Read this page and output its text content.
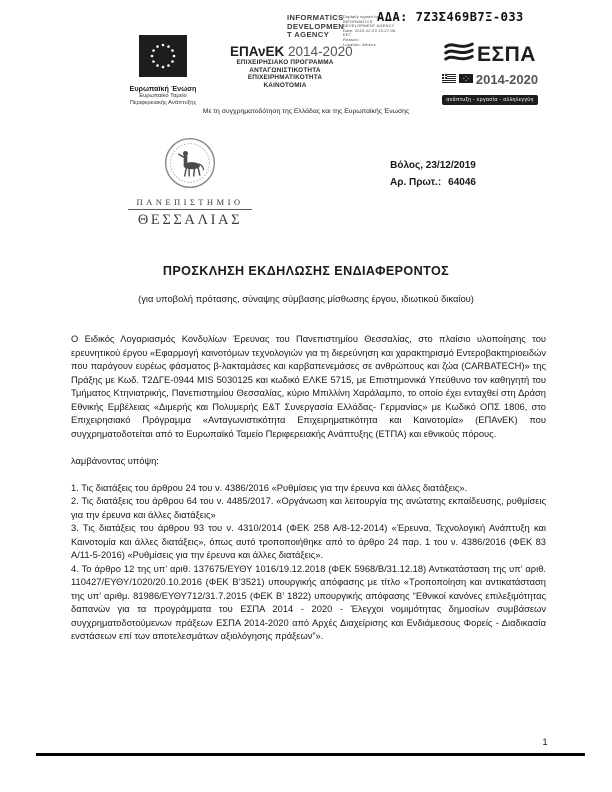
ΑΔΑ: 7Ζ3Σ469Β7Ξ-Θ33
INFORMATICS
DEVELOPMEN
T AGENCY
Digitally signed by
INFORMATICS
DEVELOPMENT AGENCY
Date: 2019.12.23 10:27:06
EET
Reason:
Location: Athens
Ευρωπαϊκή Ένωση
Ευρωπαϊκό Ταμείο
Περιφερειακής Ανάπτυξης
ΕΠΑνΕΚ 2014-2020
ΕΠΙΧΕΙΡΗΣΙΑΚΟ ΠΡΟΓΡΑΜΜΑ
ΑΝΤΑΓΩΝΙΣΤΙΚΟΤΗΤΑ
ΕΠΙΧΕΙΡΗΜΑΤΙΚΟΤΗΤΑ
ΚΑΙΝΟΤΟΜΙΑ
ΕΣΠΑ
2014-2020
ανάπτυξη - εργασία - αλληλεγγύη
Με τη συγχρηματοδότηση της Ελλάδας και της Ευρωπαϊκής Ένωσης
ΠΑΝΕΠΙΣΤΗΜΙΟ
ΘΕΣΣΑΛΙΑΣ
Βόλος, 23/12/2019
Αρ. Πρωτ.: 64046
ΠΡΟΣΚΛΗΣΗ ΕΚΔΗΛΩΣΗΣ ΕΝΔΙΑΦΕΡΟΝΤΟΣ
(για υποβολή πρότασης, σύναψης σύμβασης μίσθωσης έργου, ιδιωτικού δικαίου)

Ο Ειδικός Λογαριασμός Κονδυλίων Έρευνας του Πανεπιστημίου Θεσσαλίας, στο πλαίσιο υλοποίησης του ερευνητικού έργου «Εφαρμογή καινοτόμων τεχνολογιών για τη διερεύνηση και χαρακτηρισμό Εντεροβακτηριοειδών που παράγουν ευρέως φάσματος β-λακταμάσες και καρβαπενεμάσες σε ανθρώπους και ζώα (CARBATECH)» της Πράξης με Κωδ. Τ2ΔΓΕ-0944 MIS 5030125 και κωδικό ΕΛΚΕ 5715, με Επιστημονικά Υπεύθυνο τον καθηγητή του Τμήματος Κτηνιατρικής, Πανεπιστημίου Θεσσαλίας, κύριο Μπιλλίνη Χαράλαμπο, το οποίο έχει ενταχθεί στη Δράση Εθνικής Εμβέλειας «Διμερής και Πολυμερής Ε&Τ Συνεργασία Ελλάδας- Γερμανίας» με Κωδικό ΟΠΣ 1806, στο Επιχειρησιακό Πρόγραμμα «Ανταγωνιστικότητα Επιχειρηματικότητα και Καινοτομία» (ΕΠΑνΕΚ) που συγχρηματοδοτείται από το Ευρωπαϊκό Ταμείο Περιφερειακής Ανάπτυξης (ΕΤΠΑ) και εθνικούς πόρους.

λαμβάνοντας υπόψη:

1. Τις διατάξεις του άρθρου 24 του ν. 4386/2016 «Ρυθμίσεις για την έρευνα και άλλες διατάξεις».

2. Τις διατάξεις του άρθρου 64 του ν. 4485/2017. «Οργάνωση και λειτουργία της ανώτατης εκπαίδευσης, ρυθμίσεις για την έρευνα και άλλες διατάξεις»

3. Τις διατάξεις του άρθρου 93 του ν. 4310/2014 (ΦΕΚ 258 Α/8-12-2014) «Έρευνα, Τεχνολογική Ανάπτυξη και Καινοτομία και άλλες διατάξεις», όπως αυτό τροποποιήθηκε από το άρθρο 24 παρ. 1 του ν. 4386/2016 (ΦΕΚ 83 Α/11-5-2016) «Ρυθμίσεις για την έρευνα και άλλες διατάξεις».

4. Το άρθρο 12 της υπ’ αριθ. 137675/ΕΥΘΥ 1016/19.12.2018 (ΦΕΚ 5968/Β/31.12.18) Αντικατάσταση της υπ’ αριθ. 110427/ΕΥΘΥ/1020/20.10.2016 (ΦΕΚ Β’3521) υπουργικής απόφασης με τίτλο «Τροποποίηση και αντικατάσταση της υπ’ αριθμ. 81986/ΕΥΘΥ712/31.7.2015 (ΦΕΚ Β’ 1822) υπουργικής απόφασης “Εθνικοί κανόνες επιλεξιμότητας δαπανών για τα προγράμματα του ΕΣΠΑ 2014 - 2020 - Έλεγχοι νομιμότητας δημοσίων συμβάσεων συγχρηματοδοτούμενων πράξεων ΕΣΠΑ 2014-2020 από Αρχές Διαχείρισης και Ενδιάμεσους Φορείς - Διαδικασία ενστάσεων επί των αποτελεσμάτων αξιολόγησης πράξεων”».

1
